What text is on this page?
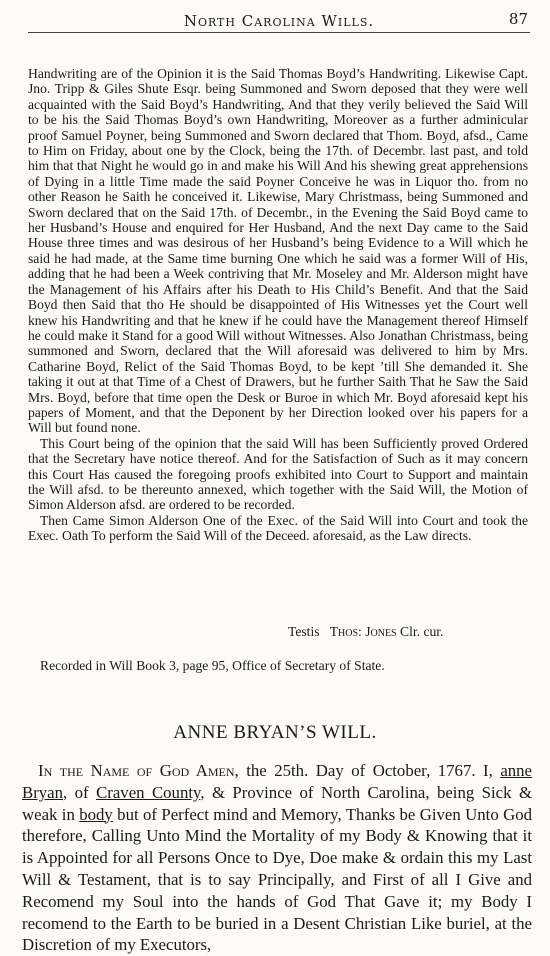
North Carolina Wills.	87

Handwriting are of the Opinion it is the Said Thomas Boyd’s Handwriting. Likewise Capt. Jno. Tripp & Giles Shute Esqr. being Summoned and Sworn deposed that they were well acquainted with the Said Boyd’s Handwriting, And that they verily believed the Said Will to be his the Said Thomas Boyd’s own Handwriting, Moreover as a further adminicular proof Samuel Poyner, being Summoned and Sworn declared that Thom. Boyd, afsd., Came to Him on Friday, about one by the Clock, being the 17th. of Decembr. last past, and told him that that Night he would go in and make his Will And his shewing great apprehensions of Dying in a little Time made the said Poyner Conceive he was in Liquor tho. from no other Reason he Saith he conceived it. Likewise, Mary Christmass, being Summoned and Sworn declared that on the Said 17th. of Decembr., in the Evening the Said Boyd came to her Husband’s House and enquired for Her Husband, And the next Day came to the Said House three times and was desirous of her Husband’s being Evidence to a Will which he said he had made, at the Same time burning One which he said was a former Will of His, adding that he had been a Week contriving that Mr. Moseley and Mr. Alderson might have the Management of his Affairs after his Death to His Child’s Benefit. And that the Said Boyd then Said that tho He should be disappointed of His Witnesses yet the Court well knew his Handwriting and that he knew if he could have the Management thereof Himself he could make it Stand for a good Will without Witnesses. Also Jonathan Christmass, being summoned and Sworn, declared that the Will aforesaid was delivered to him by Mrs. Catharine Boyd, Relict of the Said Thomas Boyd, to be kept ’till She demanded it. She taking it out at that Time of a Chest of Drawers, but he further Saith That he Saw the Said Mrs. Boyd, before that time open the Desk or Buroe in which Mr. Boyd aforesaid kept his papers of Moment, and that the Deponent by her Direction looked over his papers for a Will but found none.

This Court being of the opinion that the said Will has been Sufficiently proved Ordered that the Secretary have notice thereof. And for the Satisfaction of Such as it may concern this Court Has caused the foregoing proofs exhibited into Court to Support and maintain the Will afsd. to be thereunto annexed, which together with the Said Will, the Motion of Simon Alderson afsd. are ordered to be recorded.

Then Came Simon Alderson One of the Exec. of the Said Will into Court and took the Exec. Oath To perform the Said Will of the Deceed. aforesaid, as the Law directs.

Testis Thos: Jones Clr. cur.
Recorded in Will Book 3, page 95, Office of Secretary of State.
ANNE BRYAN’S WILL.

In the Name of God Amen, the 25th. Day of October, 1767. I, anne Bryan, of Craven County, & Province of North Carolina, being Sick & weak in body but of Perfect mind and Memory, Thanks be Given Unto God therefore, Calling Unto Mind the Mortality of my Body & Knowing that it is Appointed for all Persons Once to Dye, Doe make & ordain this my Last Will & Testament, that is to say Principally, and First of all I Give and Recomend my Soul into the hands of God That Gave it; my Body I recomend to the Earth to be buried in a Desent Christian Like buriel, at the Discretion of my Executors,
